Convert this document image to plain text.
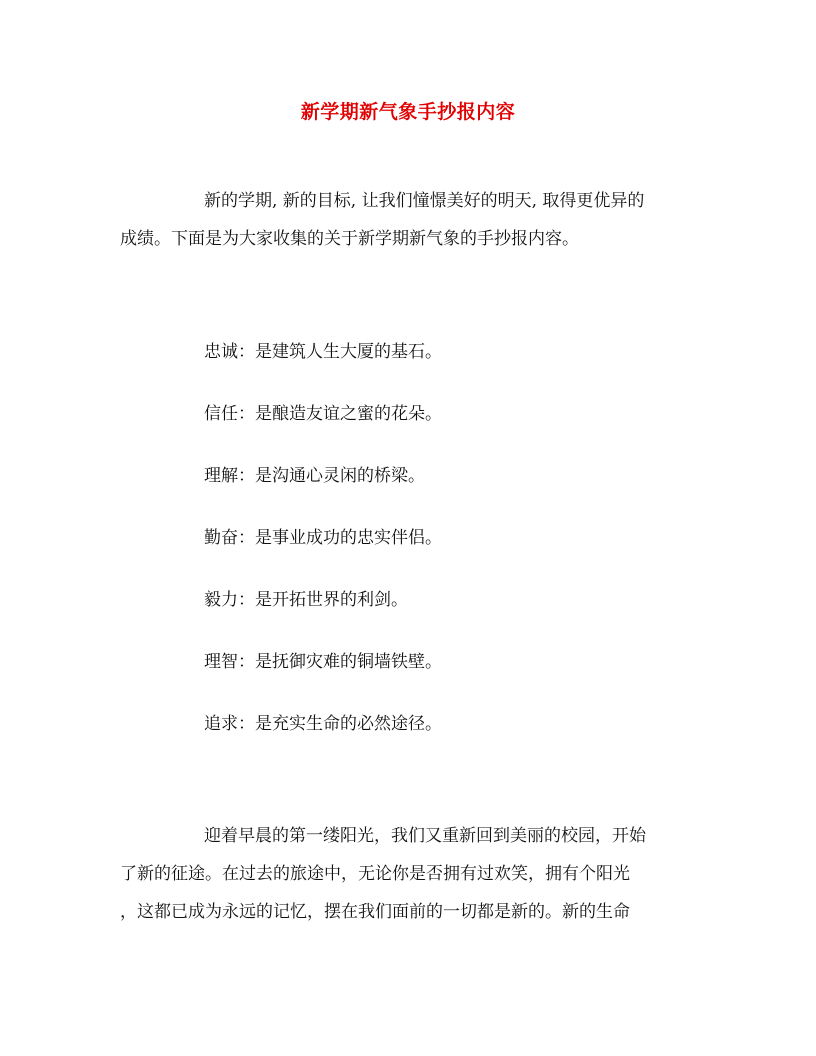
新学期新气象手抄报内容
新的学期, 新的目标, 让我们憧憬美好的明天, 取得更优异的
成绩。下面是为大家收集的关于新学期新气象的手抄报内容。
忠诚：是建筑人生大厦的基石。
信任：是酿造友谊之蜜的花朵。
理解：是沟通心灵闲的桥梁。
勤奋：是事业成功的忠实伴侣。
毅力：是开拓世界的利剑。
理智：是抚御灾难的铜墙铁壁。
追求：是充实生命的必然途径。
迎着早晨的第一缕阳光，我们又重新回到美丽的校园，开始
了新的征途。在过去的旅途中，无论你是否拥有过欢笑，拥有个阳光
，这都已成为永远的记忆，摆在我们面前的一切都是新的。新的生命
